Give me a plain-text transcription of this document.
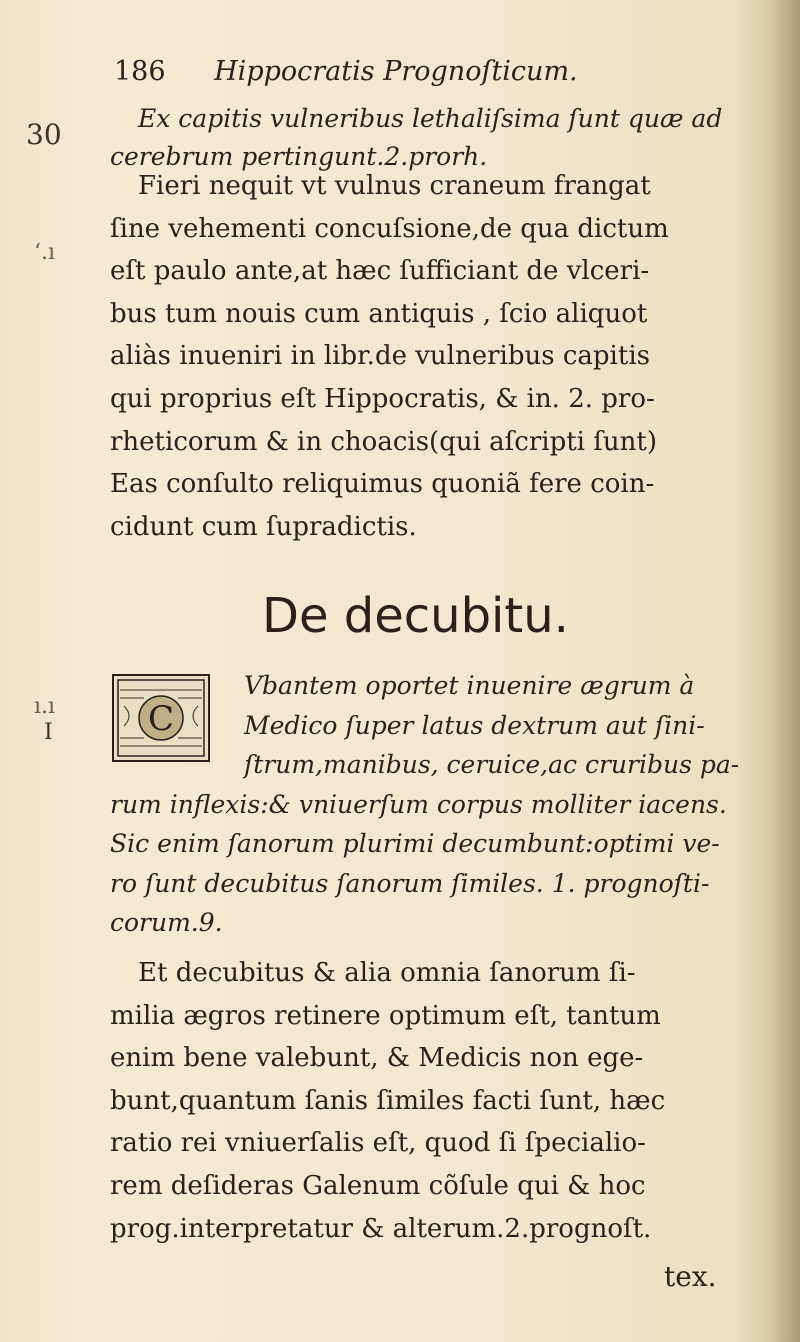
30
ʻ.ı
ı.ı
I
186 Hippocratis Prognoſticum.
Ex capitis vulneribus lethaliſsima ſunt quæ ad
cerebrum pertingunt.2.prorh.
Fieri nequit vt vulnus craneum frangat
ſine vehementi concuſsione,de qua dictum
eſt paulo ante,at hæc ſufficiant de vlceri-
bus tum nouis cum antiquis , ſcio aliquot
aliàs inueniri in libr.de vulneribus capitis
qui proprius eſt Hippocratis, & in. 2. pro-
rheticorum & in choacis(qui aſcripti ſunt)
Eas conſulto reliquimus quoniã fere coin-
cidunt cum ſupradictis.
De decubitu.
C
Vbantem oportet inuenire ægrum à
Medico ſuper latus dextrum aut ſini-
ſtrum,manibus, ceruice,ac cruribus pa-
rum inflexis:& vniuerſum corpus molliter iacens.
Sic enim ſanorum plurimi decumbunt:optimi ve-
ro ſunt decubitus ſanorum ſimiles. 1. prognoſti-
corum.9.
Et decubitus & alia omnia ſanorum ſi-
milia ægros retinere optimum eſt, tantum
enim bene valebunt, & Medicis non ege-
bunt,quantum ſanis ſimiles facti ſunt, hæc
ratio rei vniuerſalis eſt, quod ſi ſpecialio-
rem deſideras Galenum cõſule qui & hoc
prog.interpretatur & alterum.2.prognoſt.
tex.
